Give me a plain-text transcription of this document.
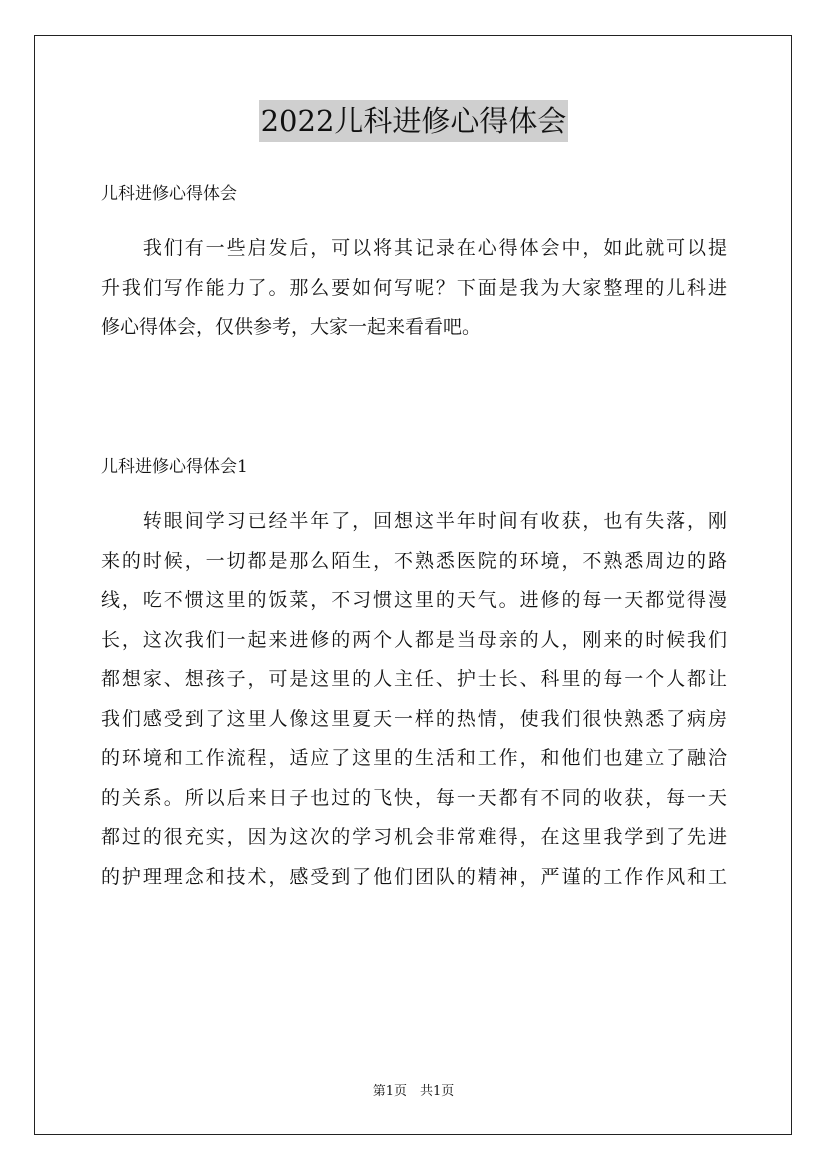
2022儿科进修心得体会
儿科进修心得体会
　　我们有一些启发后，可以将其记录在心得体会中，如此就可以提
升我们写作能力了。那么要如何写呢？下面是我为大家整理的儿科进
修心得体会，仅供参考，大家一起来看看吧。
儿科进修心得体会1
　　转眼间学习已经半年了，回想这半年时间有收获，也有失落，刚
来的时候，一切都是那么陌生，不熟悉医院的环境，不熟悉周边的路
线，吃不惯这里的饭菜，不习惯这里的天气。进修的每一天都觉得漫
长，这次我们一起来进修的两个人都是当母亲的人，刚来的时候我们
都想家、想孩子，可是这里的人主任、护士长、科里的每一个人都让
我们感受到了这里人像这里夏天一样的热情，使我们很快熟悉了病房
的环境和工作流程，适应了这里的生活和工作，和他们也建立了融洽
的关系。所以后来日子也过的飞快，每一天都有不同的收获，每一天
都过的很充实，因为这次的学习机会非常难得，在这里我学到了先进
的护理理念和技术，感受到了他们团队的精神，严谨的工作作风和工
第1页　共1页
